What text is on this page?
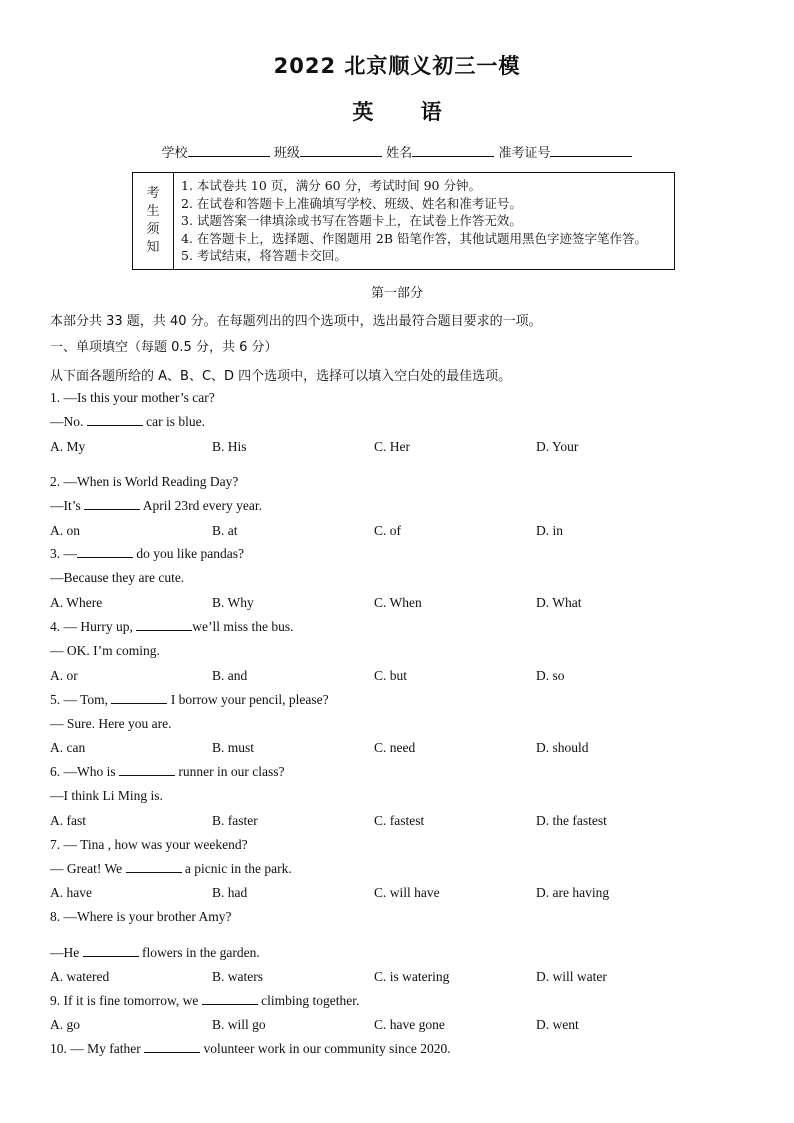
2022 北京顺义初三一模
英 语
学校	班级	姓名	准考证号
考
生
须
知
1. 本试卷共 10 页，满分 60 分，考试时间 90 分钟。
2. 在试卷和答题卡上准确填写学校、班级、姓名和准考证号。
3. 试题答案一律填涂或书写在答题卡上，在试卷上作答无效。
4. 在答题卡上，选择题、作图题用 2B 铅笔作答，其他试题用黑色字迹签字笔作答。
5. 考试结束，将答题卡交回。
第一部分
本部分共 33 题，共 40 分。在每题列出的四个选项中，选出最符合题目要求的一项。
一、单项填空（每题 0.5 分，共 6 分）
从下面各题所给的 A、B、C、D 四个选项中，选择可以填入空白处的最佳选项。
1. —Is this your mother’s car?
—No.	car is blue.
A. My	B. His	C. Her	D. Your
2. —When is World Reading Day?
—It’s	April 23rd every year.
A. on	B. at	C. of	D. in
3. —	do you like pandas?
—Because they are cute.
A. Where	B. Why	C. When	D. What
4. — Hurry up,	we’ll miss the bus.
— OK. I’m coming.
A. or	B. and	C. but	D. so
5. — Tom,	I borrow your pencil, please?
— Sure. Here you are.
A. can	B. must	C. need	D. should
6. —Who is	runner in our class?
—I think Li Ming is.
A. fast	B. faster	C. fastest	D. the fastest
7. — Tina , how was your weekend?
— Great! We	a picnic in the park.
A. have	B. had	C. will have	D. are having
8. —Where is your brother Amy?
—He	flowers in the garden.
A. watered	B. waters	C. is watering	D. will water
9. If it is fine tomorrow, we	climbing together.
A. go	B. will go	C. have gone	D. went
10. — My father	volunteer work in our community since 2020.
